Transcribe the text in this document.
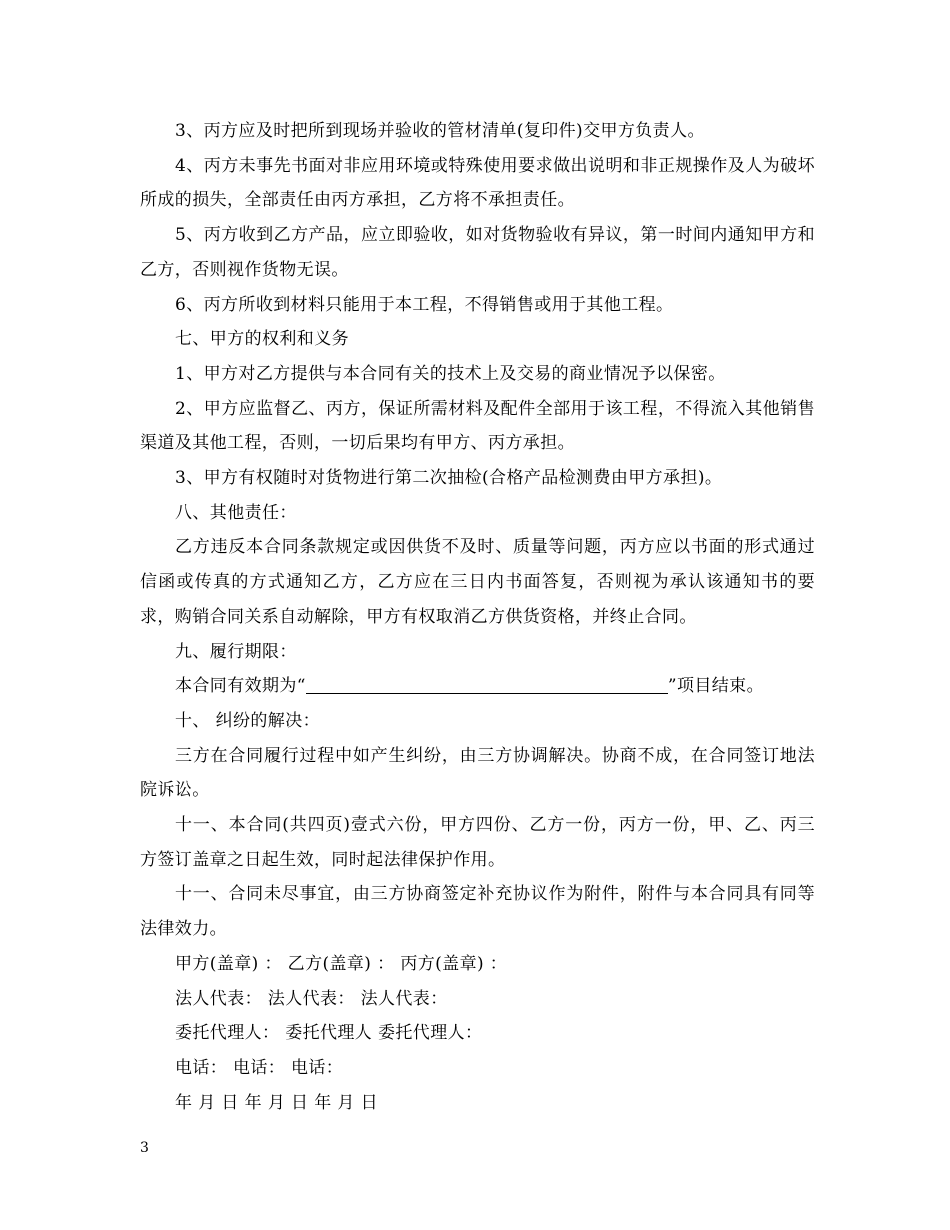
3、丙方应及时把所到现场并验收的管材清单(复印件)交甲方负责人。

4、丙方未事先书面对非应用环境或特殊使用要求做出说明和非正规操作及人为破坏所成的损失，全部责任由丙方承担，乙方将不承担责任。

5、丙方收到乙方产品，应立即验收，如对货物验收有异议，第一时间内通知甲方和乙方，否则视作货物无误。

6、丙方所收到材料只能用于本工程，不得销售或用于其他工程。

七、甲方的权利和义务

1、甲方对乙方提供与本合同有关的技术上及交易的商业情况予以保密。

2、甲方应监督乙、丙方，保证所需材料及配件全部用于该工程，不得流入其他销售渠道及其他工程，否则，一切后果均有甲方、丙方承担。

3、甲方有权随时对货物进行第二次抽检(合格产品检测费由甲方承担)。

八、其他责任：

乙方违反本合同条款规定或因供货不及时、质量等问题，丙方应以书面的形式通过信函或传真的方式通知乙方，乙方应在三日内书面答复，否则视为承认该通知书的要求，购销合同关系自动解除，甲方有权取消乙方供货资格，并终止合同。

九、履行期限：

本合同有效期为“	”项目结束。

十、 纠纷的解决：

三方在合同履行过程中如产生纠纷，由三方协调解决。协商不成，在合同签订地法院诉讼。

十一、本合同(共四页)壹式六份，甲方四份、乙方一份，丙方一份，甲、乙、丙三方签订盖章之日起生效，同时起法律保护作用。

十一、合同未尽事宜，由三方协商签定补充协议作为附件，附件与本合同具有同等法律效力。

甲方(盖章) ： 乙方(盖章) ： 丙方(盖章) ：

法人代表： 法人代表： 法人代表：

委托代理人： 委托代理人 委托代理人：

电话： 电话： 电话：

年 月 日 年 月 日 年 月 日

3
